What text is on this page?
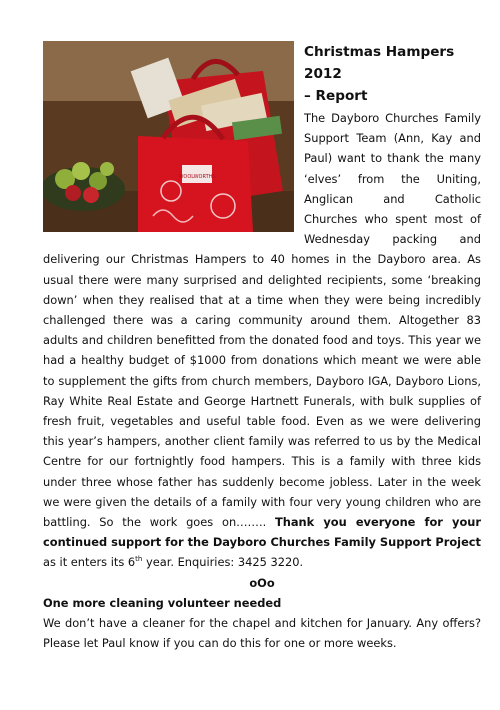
WOOLWORTHS
Christmas Hampers 2012
– Report

The Dayboro Churches Family Support Team (Ann, Kay and Paul) want to thank the many ‘elves’ from the Uniting, Anglican and Catholic Churches who spent most of Wednesday packing and delivering our Christmas Hampers to 40 homes in the Dayboro area. As usual there were many surprised and delighted recipients, some ‘breaking down’ when they realised that at a time when they were being incredibly challenged there was a caring community around them. Altogether 83 adults and children benefitted from the donated food and toys. This year we had a healthy budget of $1000 from donations which meant we were able to supplement the gifts from church members, Dayboro IGA, Dayboro Lions, Ray White Real Estate and George Hartnett Funerals, with bulk supplies of fresh fruit, vegetables and useful table food. Even as we were delivering this year’s hampers, another client family was referred to us by the Medical Centre for our fortnightly food hampers. This is a family with three kids under three whose father has suddenly become jobless. Later in the week we were given the details of a family with four very young children who are battling. So the work goes on…….. Thank you everyone for your continued support for the Dayboro Churches Family Support Project as it enters its 6th year. Enquiries: 3425 3220.

oOo

One more cleaning volunteer needed

We don’t have a cleaner for the chapel and kitchen for January. Any offers? Please let Paul know if you can do this for one or more weeks.
